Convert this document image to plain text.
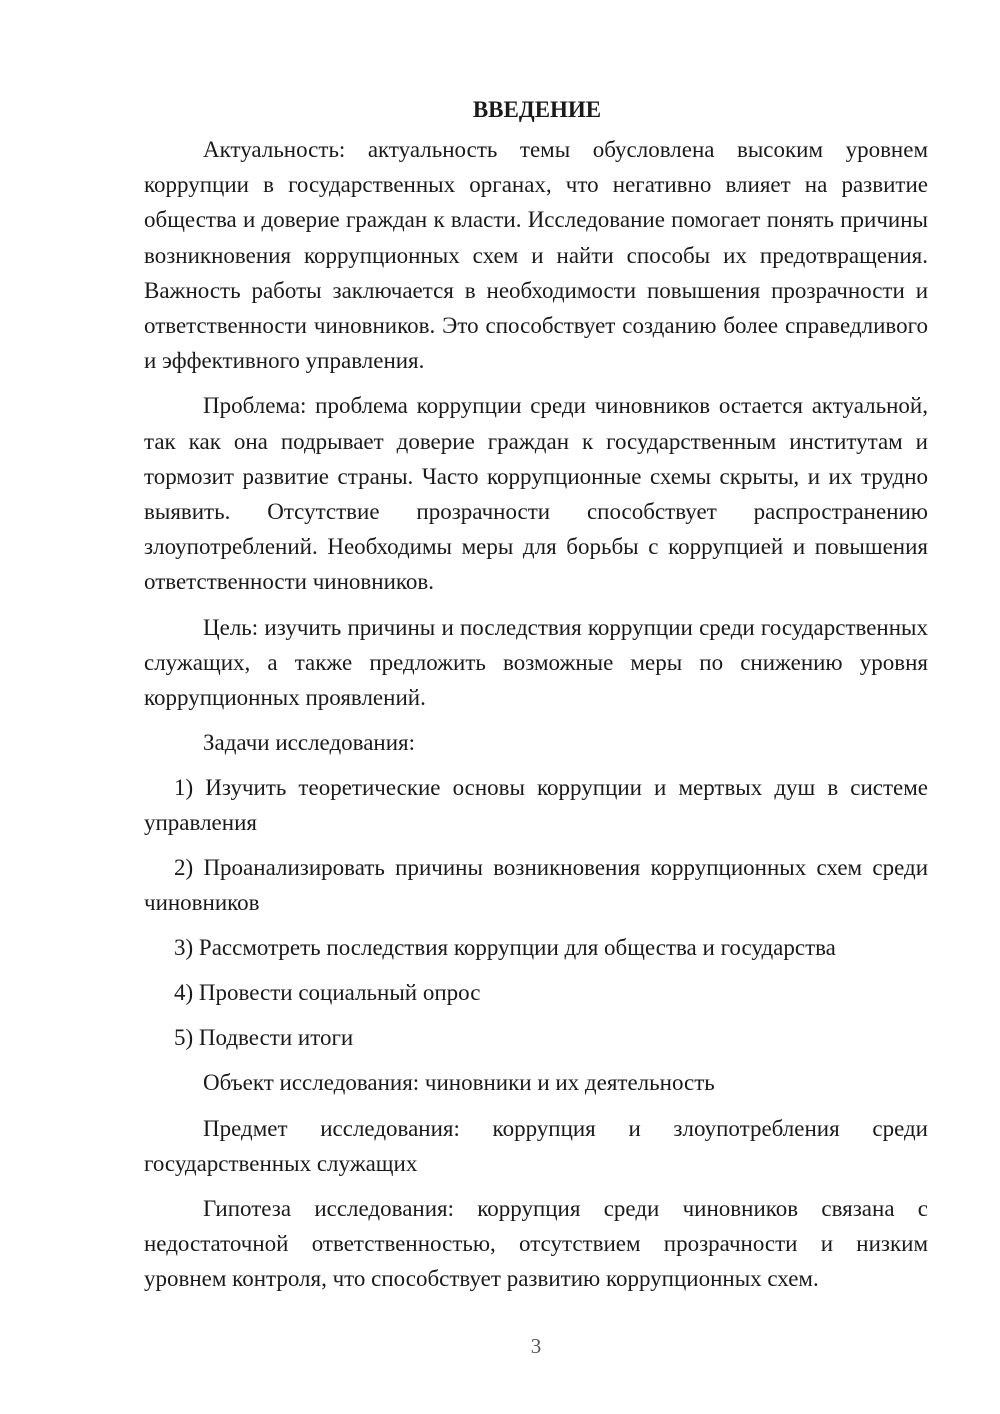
ВВЕДЕНИЕ

Актуальность: актуальность темы обусловлена высоким уровнем коррупции в государственных органах, что негативно влияет на развитие общества и доверие граждан к власти. Исследование помогает понять причины возникновения коррупционных схем и найти способы их предотвращения. Важность работы заключается в необходимости повышения прозрачности и ответственности чиновников. Это способствует созданию более справедливого и эффективного управления.

Проблема: проблема коррупции среди чиновников остается актуальной, так как она подрывает доверие граждан к государственным институтам и тормозит развитие страны. Часто коррупционные схемы скрыты, и их трудно выявить. Отсутствие прозрачности способствует распространению злоупотреблений. Необходимы меры для борьбы с коррупцией и повышения ответственности чиновников.

Цель: изучить причины и последствия коррупции среди государственных служащих, а также предложить возможные меры по снижению уровня коррупционных проявлений.

Задачи исследования:

1) Изучить теоретические основы коррупции и мертвых душ в системе управления

2) Проанализировать причины возникновения коррупционных схем среди чиновников

3) Рассмотреть последствия коррупции для общества и государства

4) Провести социальный опрос

5) Подвести итоги

Объект исследования: чиновники и их деятельность

Предмет исследования: коррупция и злоупотребления среди государственных служащих

Гипотеза исследования: коррупция среди чиновников связана с недостаточной ответственностью, отсутствием прозрачности и низким уровнем контроля, что способствует развитию коррупционных схем.

3
